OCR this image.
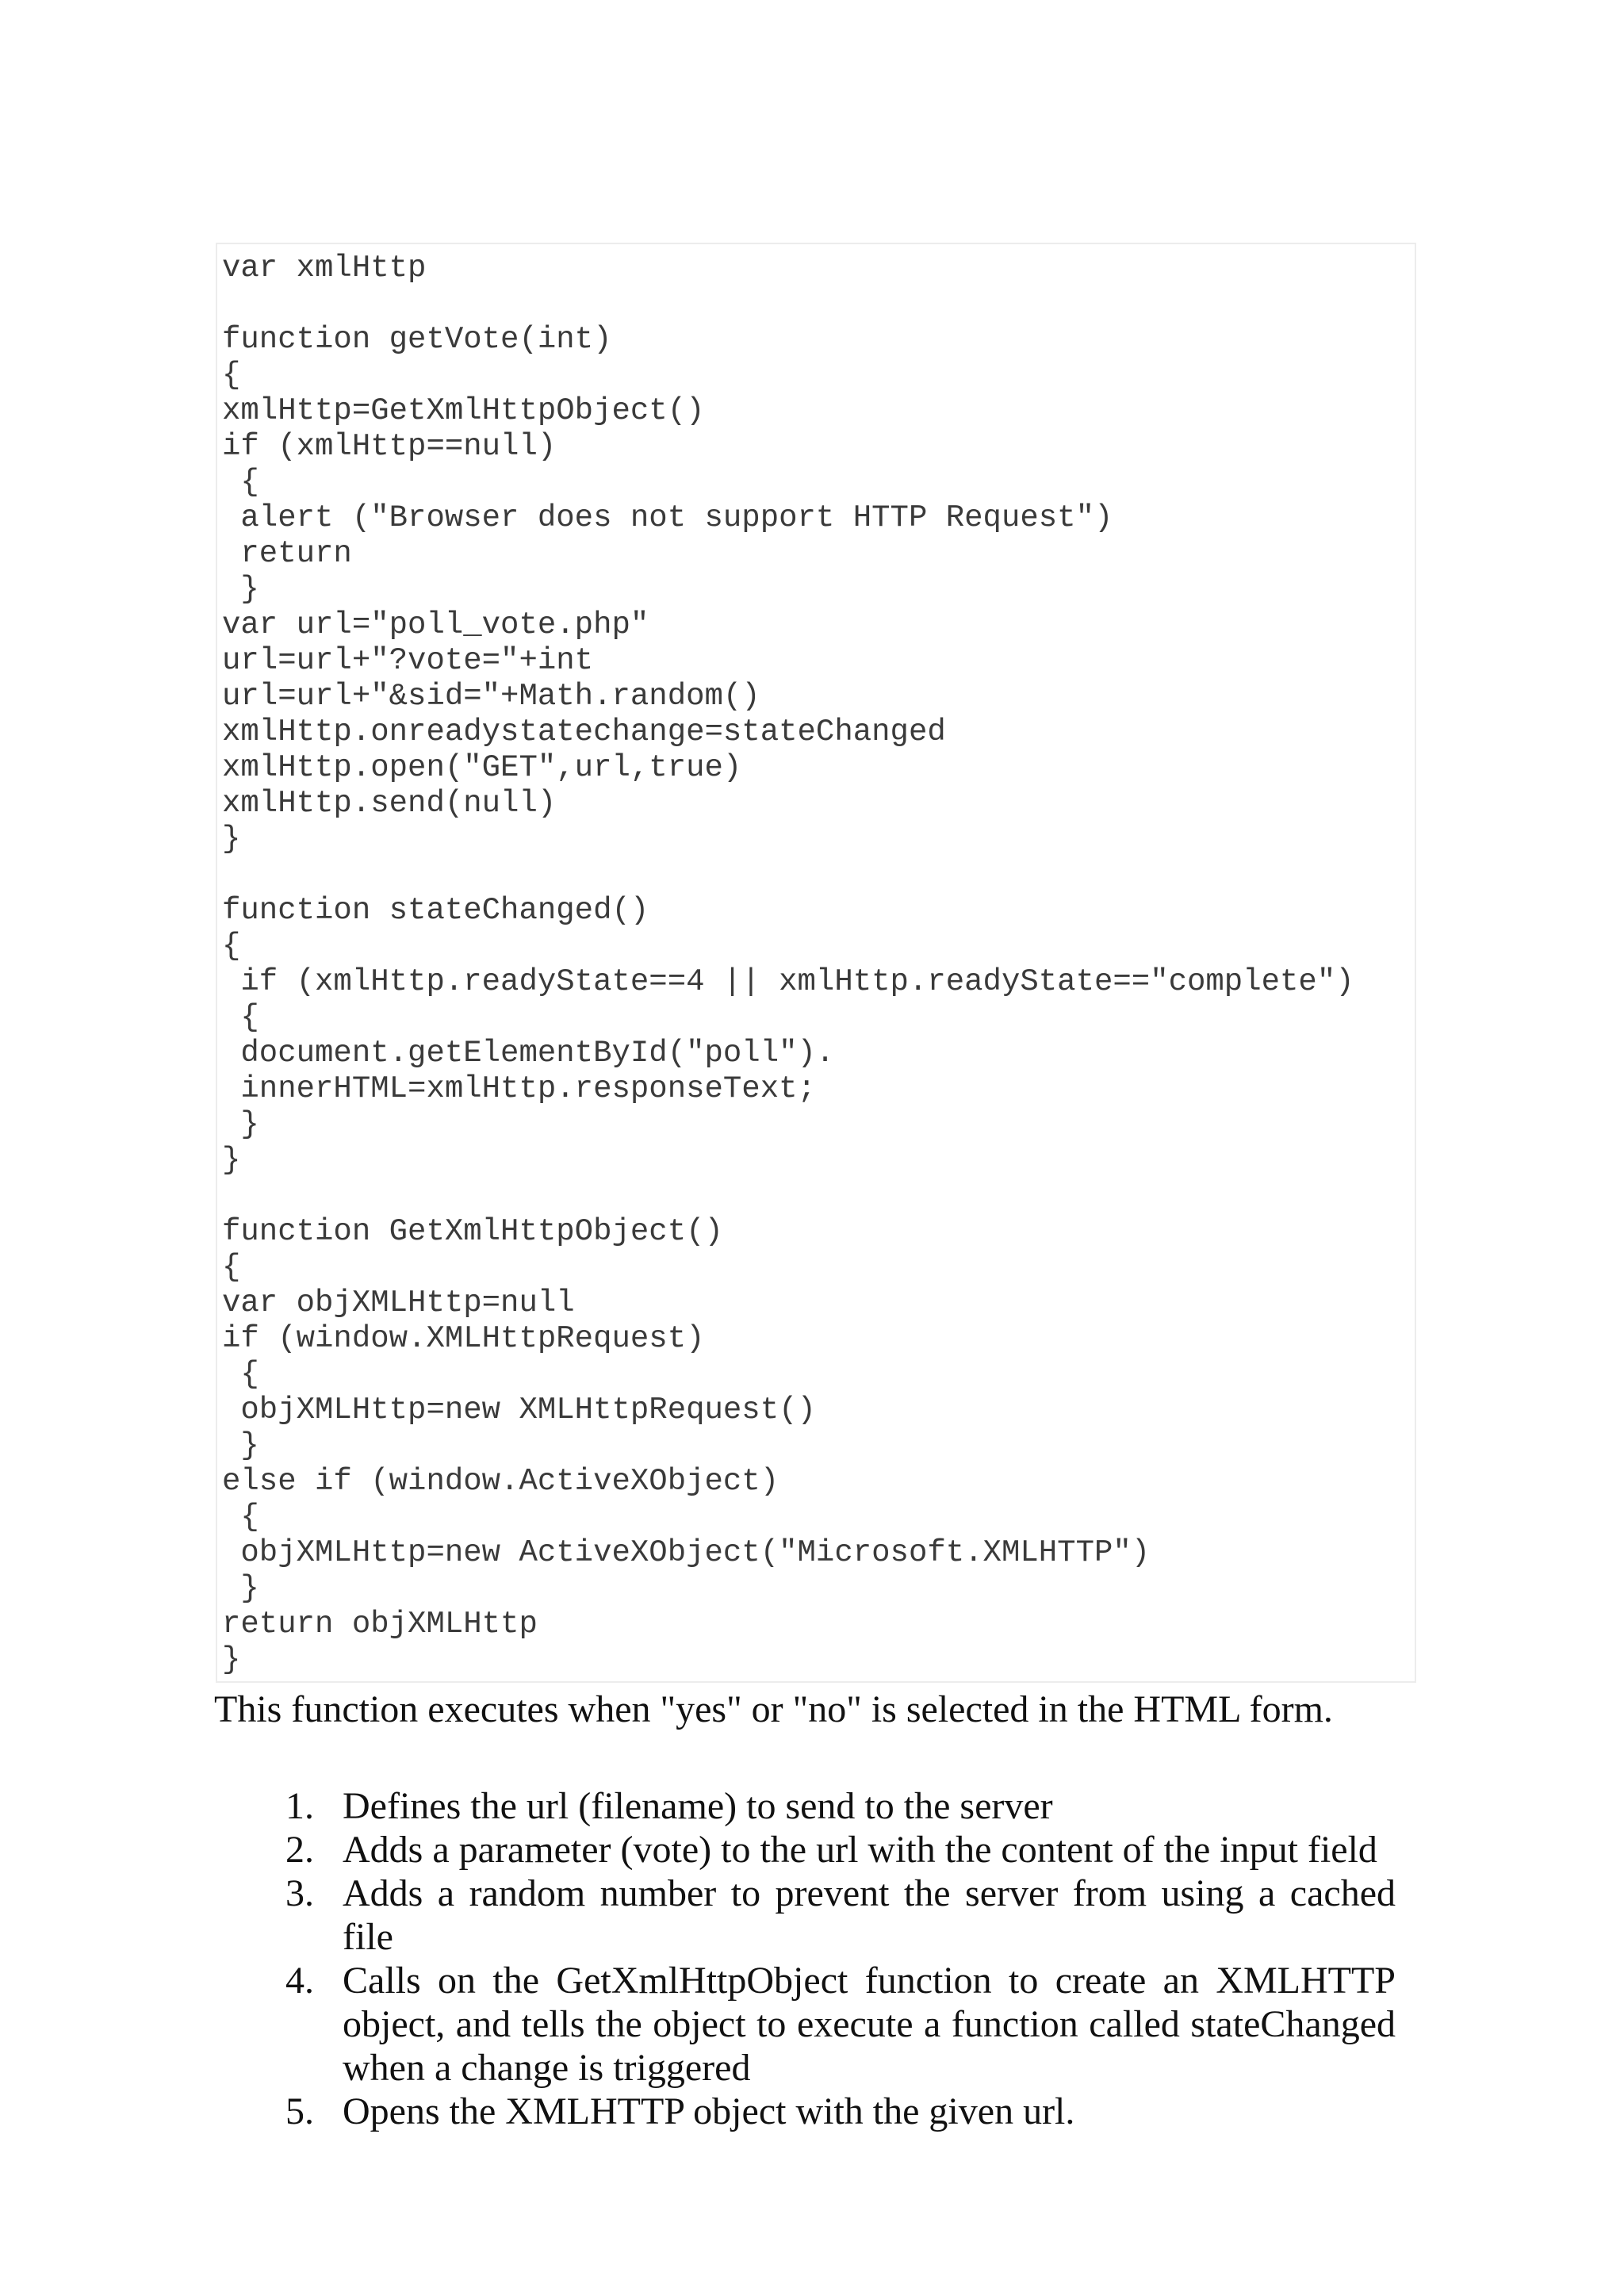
var xmlHttp
function getVote(int)
{
xmlHttp=GetXmlHttpObject()
if (xmlHttp==null)
{
alert ("Browser does not support HTTP Request")
return
}
var url="poll_vote.php"
url=url+"?vote="+int
url=url+"&sid="+Math.random()
xmlHttp.onreadystatechange=stateChanged
xmlHttp.open("GET",url,true)
xmlHttp.send(null)
}
function stateChanged()
{
if (xmlHttp.readyState==4 || xmlHttp.readyState=="complete")
{
document.getElementById("poll").
innerHTML=xmlHttp.responseText;
}
}
function GetXmlHttpObject()
{
var objXMLHttp=null
if (window.XMLHttpRequest)
{
objXMLHttp=new XMLHttpRequest()
}
else if (window.ActiveXObject)
{
objXMLHttp=new ActiveXObject("Microsoft.XMLHTTP")
}
return objXMLHttp
}

This function executes when "yes" or "no" is selected in the HTML form.

1. Defines the url (filename) to send to the server
2. Adds a parameter (vote) to the url with the content of the input field
3. Adds a random number to prevent the server from using a cached file
4. Calls on the GetXmlHttpObject function to create an XMLHTTP object, and tells the object to execute a function called stateChanged when a change is triggered
5. Opens the XMLHTTP object with the given url.
